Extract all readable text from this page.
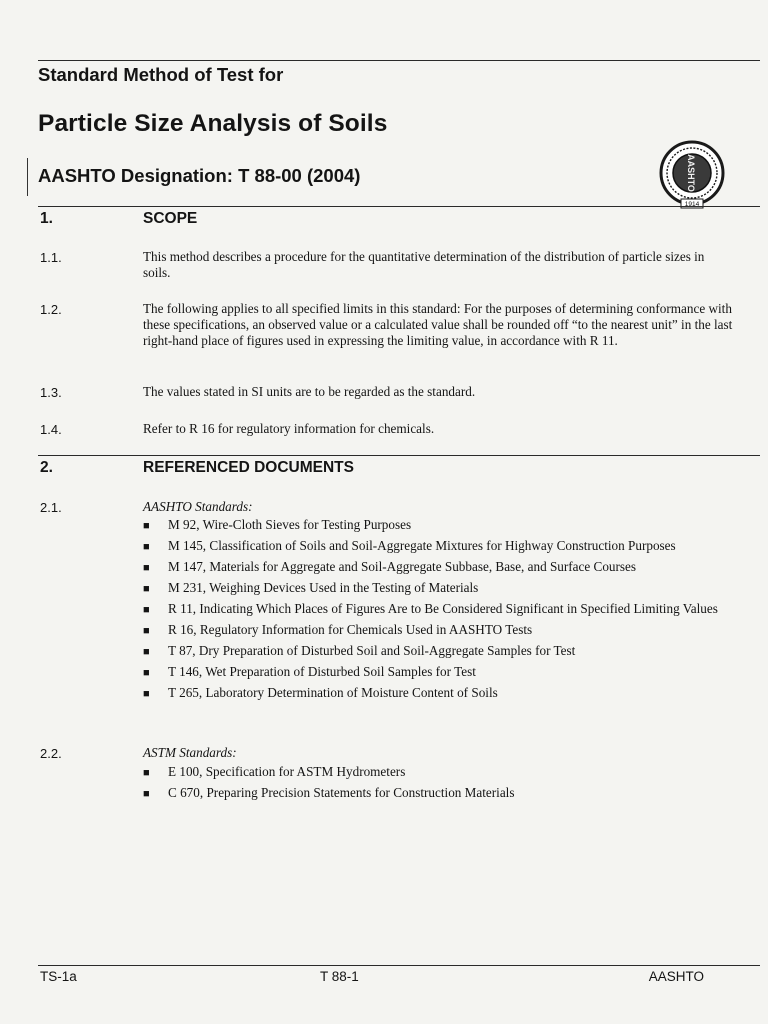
Standard Method of Test for
Particle Size Analysis of Soils
AASHTO Designation: T 88-00 (2004)	AASHTO
1914
1.	SCOPE
1.1.	This method describes a procedure for the quantitative determination of the distribution of particle sizes in soils.
1.2.	The following applies to all specified limits in this standard: For the purposes of determining conformance with these specifications, an observed value or a calculated value shall be rounded off “to the nearest unit” in the last right-hand place of figures used in expressing the limiting value, in accordance with R 11.
1.3.	The values stated in SI units are to be regarded as the standard.
1.4.	Refer to R 16 for regulatory information for chemicals.
2.	REFERENCED DOCUMENTS
2.1.	AASHTO Standards:
■	M 92, Wire-Cloth Sieves for Testing Purposes
■	M 145, Classification of Soils and Soil-Aggregate Mixtures for Highway Construction Purposes
■	M 147, Materials for Aggregate and Soil-Aggregate Subbase, Base, and Surface Courses
■	M 231, Weighing Devices Used in the Testing of Materials
■	R 11, Indicating Which Places of Figures Are to Be Considered Significant in Specified Limiting Values
■	R 16, Regulatory Information for Chemicals Used in AASHTO Tests
■	T 87, Dry Preparation of Disturbed Soil and Soil-Aggregate Samples for Test
■	T 146, Wet Preparation of Disturbed Soil Samples for Test
■	T 265, Laboratory Determination of Moisture Content of Soils
2.2.	ASTM Standards:
■	E 100, Specification for ASTM Hydrometers
■	C 670, Preparing Precision Statements for Construction Materials
TS-1a	T 88-1	AASHTO
